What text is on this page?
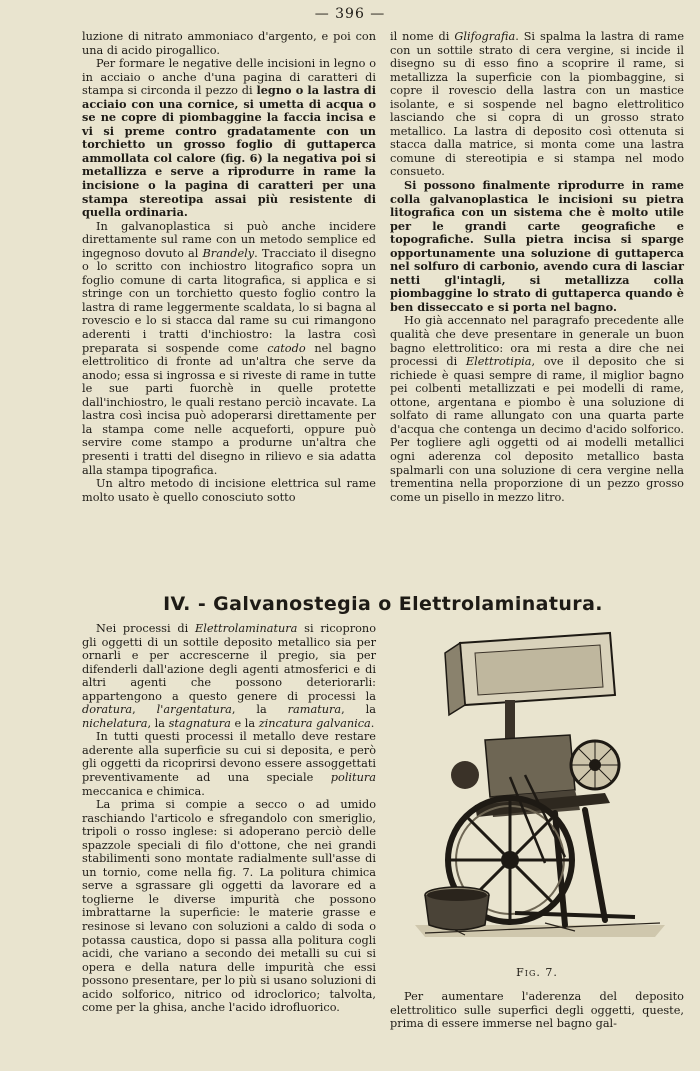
— 396 —

luzione di nitrato ammoniaco d'argento, e poi con una di acido pirogallico.

Per formare le negative delle incisioni in legno o in acciaio o anche d'una pagina di caratteri di stampa si circonda il pezzo di legno o la lastra di acciaio con una cornice, si umetta di acqua o se ne copre di piombaggine la faccia incisa e vi si preme contro gradatamente con un torchietto un grosso foglio di guttaperca ammollata col calore (fig. 6) la negativa poi si metallizza e serve a riprodurre in rame la incisione o la pagina di caratteri per una stampa stereotipa assai più resistente di quella ordinaria.

In galvanoplastica si può anche incidere direttamente sul rame con un metodo semplice ed ingegnoso dovuto al Brandely. Tracciato il disegno o lo scritto con inchiostro litografico sopra un foglio comune di carta litografica, si applica e si stringe con un torchietto questo foglio contro la lastra di rame leggermente scaldata, lo si bagna al rovescio e lo si stacca dal rame su cui rimangono aderenti i tratti d'inchiostro: la lastra così preparata si sospende come catodo nel bagno elettrolitico di fronte ad un'altra che serve da anodo; essa si ingrossa e si riveste di rame in tutte le sue parti fuorchè in quelle protette dall'inchiostro, le quali restano perciò incavate. La lastra così incisa può adoperarsi direttamente per la stampa come nelle acqueforti, oppure può servire come stampo a produrne un'altra che presenti i tratti del disegno in rilievo e sia adatta alla stampa tipografica.

Un altro metodo di incisione elettrica sul rame molto usato è quello conosciuto sotto

il nome di Glifografia. Si spalma la lastra di rame con un sottile strato di cera vergine, si incide il disegno su di esso fino a scoprire il rame, si metallizza la superficie con la piombaggine, si copre il rovescio della lastra con un mastice isolante, e si sospende nel bagno elettrolitico lasciando che si copra di un grosso strato metallico. La lastra di deposito così ottenuta si stacca dalla matrice, si monta come una lastra comune di stereotipia e si stampa nel modo consueto.

Si possono finalmente riprodurre in rame colla galvanoplastica le incisioni su pietra litografica con un sistema che è molto utile per le grandi carte geografiche e topografiche. Sulla pietra incisa si sparge opportunamente una soluzione di guttaperca nel solfuro di carbonio, avendo cura di lasciar netti gl'intagli, si metallizza colla piombaggine lo strato di guttaperca quando è ben disseccato e si porta nel bagno.

Ho già accennato nel paragrafo precedente alle qualità che deve presentare in generale un buon bagno elettrolitico: ora mi resta a dire che nei processi di Elettrotipia, ove il deposito che si richiede è quasi sempre di rame, il miglior bagno pei colbenti metallizzati e pei modelli di rame, ottone, argentana e piombo è una soluzione di solfato di rame allungato con una quarta parte d'acqua che contenga un decimo d'acido solforico. Per togliere agli oggetti od ai modelli metallici ogni aderenza col deposito metallico basta spalmarli con una soluzione di cera vergine nella trementina nella proporzione di un pezzo grosso come un pisello in mezzo litro.

IV. - Galvanostegia o Elettrolaminatura.

Nei processi di Elettrolaminatura si ricoprono gli oggetti di un sottile deposito metallico sia per ornarli e per accrescerne il pregio, sia per difenderli dall'azione degli agenti atmosferici e di altri agenti che possono deteriorarli: appartengono a questo genere di processi la doratura, l'argentatura, la ramatura, la nichelatura, la stagnatura e la zincatura galvanica.

In tutti questi processi il metallo deve restare aderente alla superficie su cui si deposita, e però gli oggetti da ricoprirsi devono essere assoggettati preventivamente ad una speciale politura meccanica e chimica.

La prima si compie a secco o ad umido raschiando l'articolo e sfregandolo con smeriglio, tripoli o rosso inglese: si adoperano perciò delle spazzole speciali di filo d'ottone, che nei grandi stabilimenti sono montate radialmente sull'asse di un tornio, come nella fig. 7. La politura chimica serve a sgrassare gli oggetti da lavorare ed a toglierne le diverse impurità che possono imbrattarne la superficie: le materie grasse e resinose si levano con soluzioni a caldo di soda o potassa caustica, dopo si passa alla politura cogli acidi, che variano a secondo dei metalli su cui si opera e della natura delle impurità che essi possono presentare, per lo più si usano soluzioni di acido solforico, nitrico od idroclorico; talvolta, come per la ghisa, anche l'acido idrofluorico.

Fig. 7.

Per aumentare l'aderenza del deposito elettrolitico sulle superfici degli oggetti, queste, prima di essere immerse nel bagno gal-
